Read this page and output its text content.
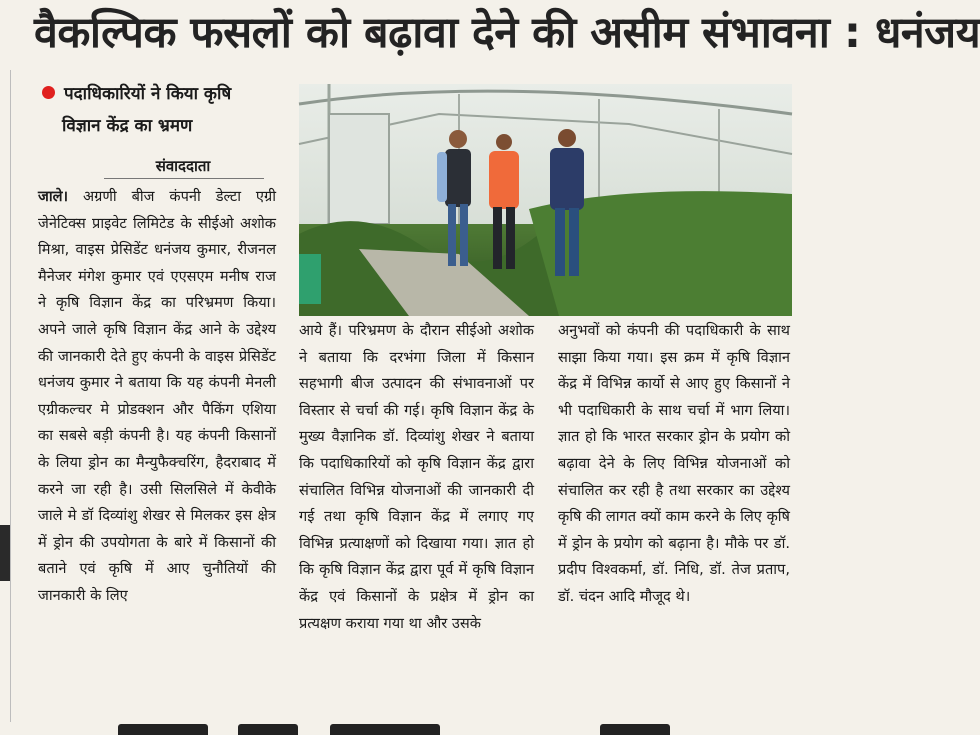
वैकल्पिक फसलों को बढ़ावा देने की असीम संभावना : धनंजय
पदाधिकारियों ने किया कृषि
विज्ञान केंद्र का भ्रमण
संवाददाता
जाले। अग्रणी बीज कंपनी डेल्टा एग्री जेनेटिक्स प्राइवेट लिमिटेड के सीईओ अशोक मिश्रा, वाइस प्रेसिडेंट धनंजय कुमार, रीजनल मैनेजर मंगेश कुमार एवं एएसएम मनीष राज ने कृषि विज्ञान केंद्र का परिभ्रमण किया। अपने जाले कृषि विज्ञान केंद्र आने के उद्देश्य की जानकारी देते हुए कंपनी के वाइस प्रेसिडेंट धनंजय कुमार ने बताया कि यह कंपनी मेनली एग्रीकल्चर मे प्रोडक्शन और पैकिंग एशिया का सबसे बड़ी कंपनी है। यह कंपनी किसानों के लिया ड्रोन का मैन्युफैक्चरिंग, हैदराबाद में करने जा रही है। उसी सिलसिले में केवीके जाले मे डॉ दिव्यांशु शेखर से मिलकर इस क्षेत्र में ड्रोन की उपयोगता के बारे में किसानों की बताने एवं कृषि में आए चुनौतियों की जानकारी के लिए
आये हैं। परिभ्रमण के दौरान सीईओ अशोक ने बताया कि दरभंगा जिला में किसान सहभागी बीज उत्पादन की संभावनाओं पर विस्तार से चर्चा की गई। कृषि विज्ञान केंद्र के मुख्य वैज्ञानिक डॉ. दिव्यांशु शेखर ने बताया कि पदाधिकारियों को कृषि विज्ञान केंद्र द्वारा संचालित विभिन्न योजनाओं की जानकारी दी गई तथा कृषि विज्ञान केंद्र में लगाए गए विभिन्न प्रत्याक्षणों को दिखाया गया। ज्ञात हो कि कृषि विज्ञान केंद्र द्वारा पूर्व में कृषि विज्ञान केंद्र एवं किसानों के प्रक्षेत्र में ड्रोन का प्रत्यक्षण कराया गया था और उसके
अनुभवों को कंपनी की पदाधिकारी के साथ साझा किया गया। इस क्रम में कृषि विज्ञान केंद्र में विभिन्न कार्यो से आए हुए किसानों ने भी पदाधिकारी के साथ चर्चा में भाग लिया। ज्ञात हो कि भारत सरकार ड्रोन के प्रयोग को बढ़ावा देने के लिए विभिन्न योजनाओं को संचालित कर रही है तथा सरकार का उद्देश्य कृषि की लागत क्यों काम करने के लिए कृषि में ड्रोन के प्रयोग को बढ़ाना है। मौके पर डॉ. प्रदीप विश्वकर्मा, डॉ. निधि, डॉ. तेज प्रताप, डॉ. चंदन आदि मौजूद थे।
